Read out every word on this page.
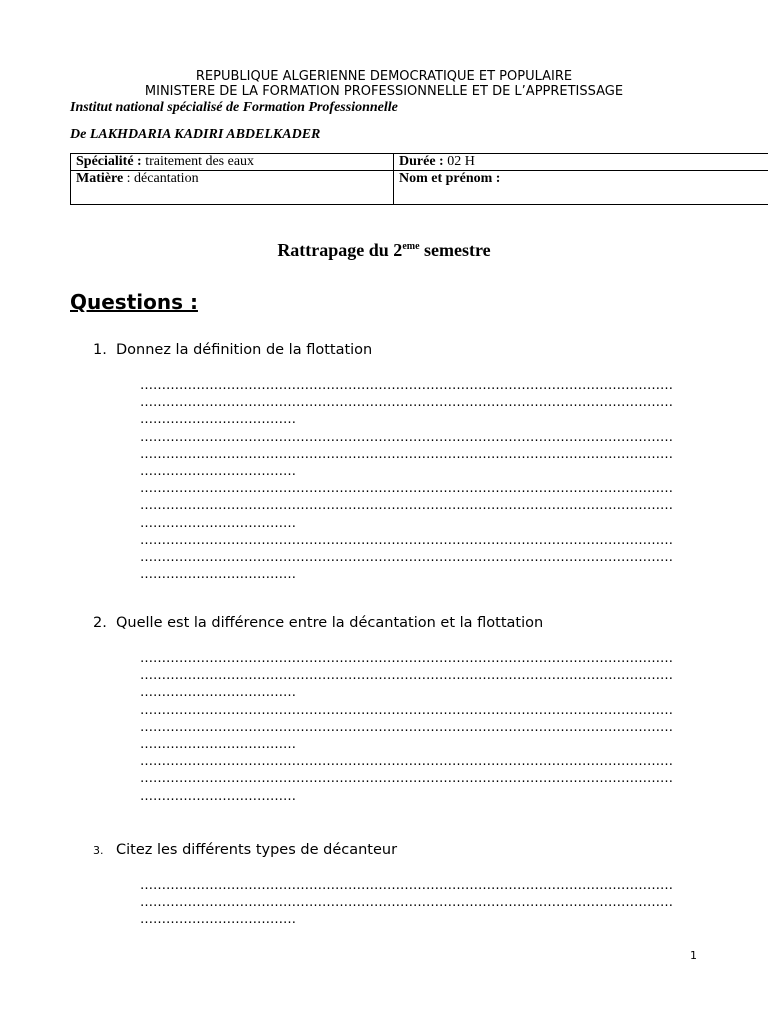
REPUBLIQUE ALGERIENNE DEMOCRATIQUE ET POPULAIRE
MINISTERE DE LA FORMATION PROFESSIONNELLE ET DE L’APPRETISSAGE
Institut national spécialisé de Formation Professionnelle
De LAKHDARIA KADIRI ABDELKADER
Spécialité : traitement des eaux	Durée : 02 H
Matière : décantation	Nom et prénom :
Rattrapage du 2eme semestre
Questions :
1. Donnez la définition de la flottation
……………………………………………………………………………………………………………
……………………………………………………………………………………………………………
………………………………
……………………………………………………………………………………………………………
……………………………………………………………………………………………………………
………………………………
……………………………………………………………………………………………………………
……………………………………………………………………………………………………………
………………………………
……………………………………………………………………………………………………………
……………………………………………………………………………………………………………
………………………………
2. Quelle est la différence entre la décantation et la flottation
……………………………………………………………………………………………………………
……………………………………………………………………………………………………………
………………………………
……………………………………………………………………………………………………………
……………………………………………………………………………………………………………
………………………………
……………………………………………………………………………………………………………
……………………………………………………………………………………………………………
………………………………
3. Citez les différents types de décanteur
……………………………………………………………………………………………………………
……………………………………………………………………………………………………………
………………………………
1
